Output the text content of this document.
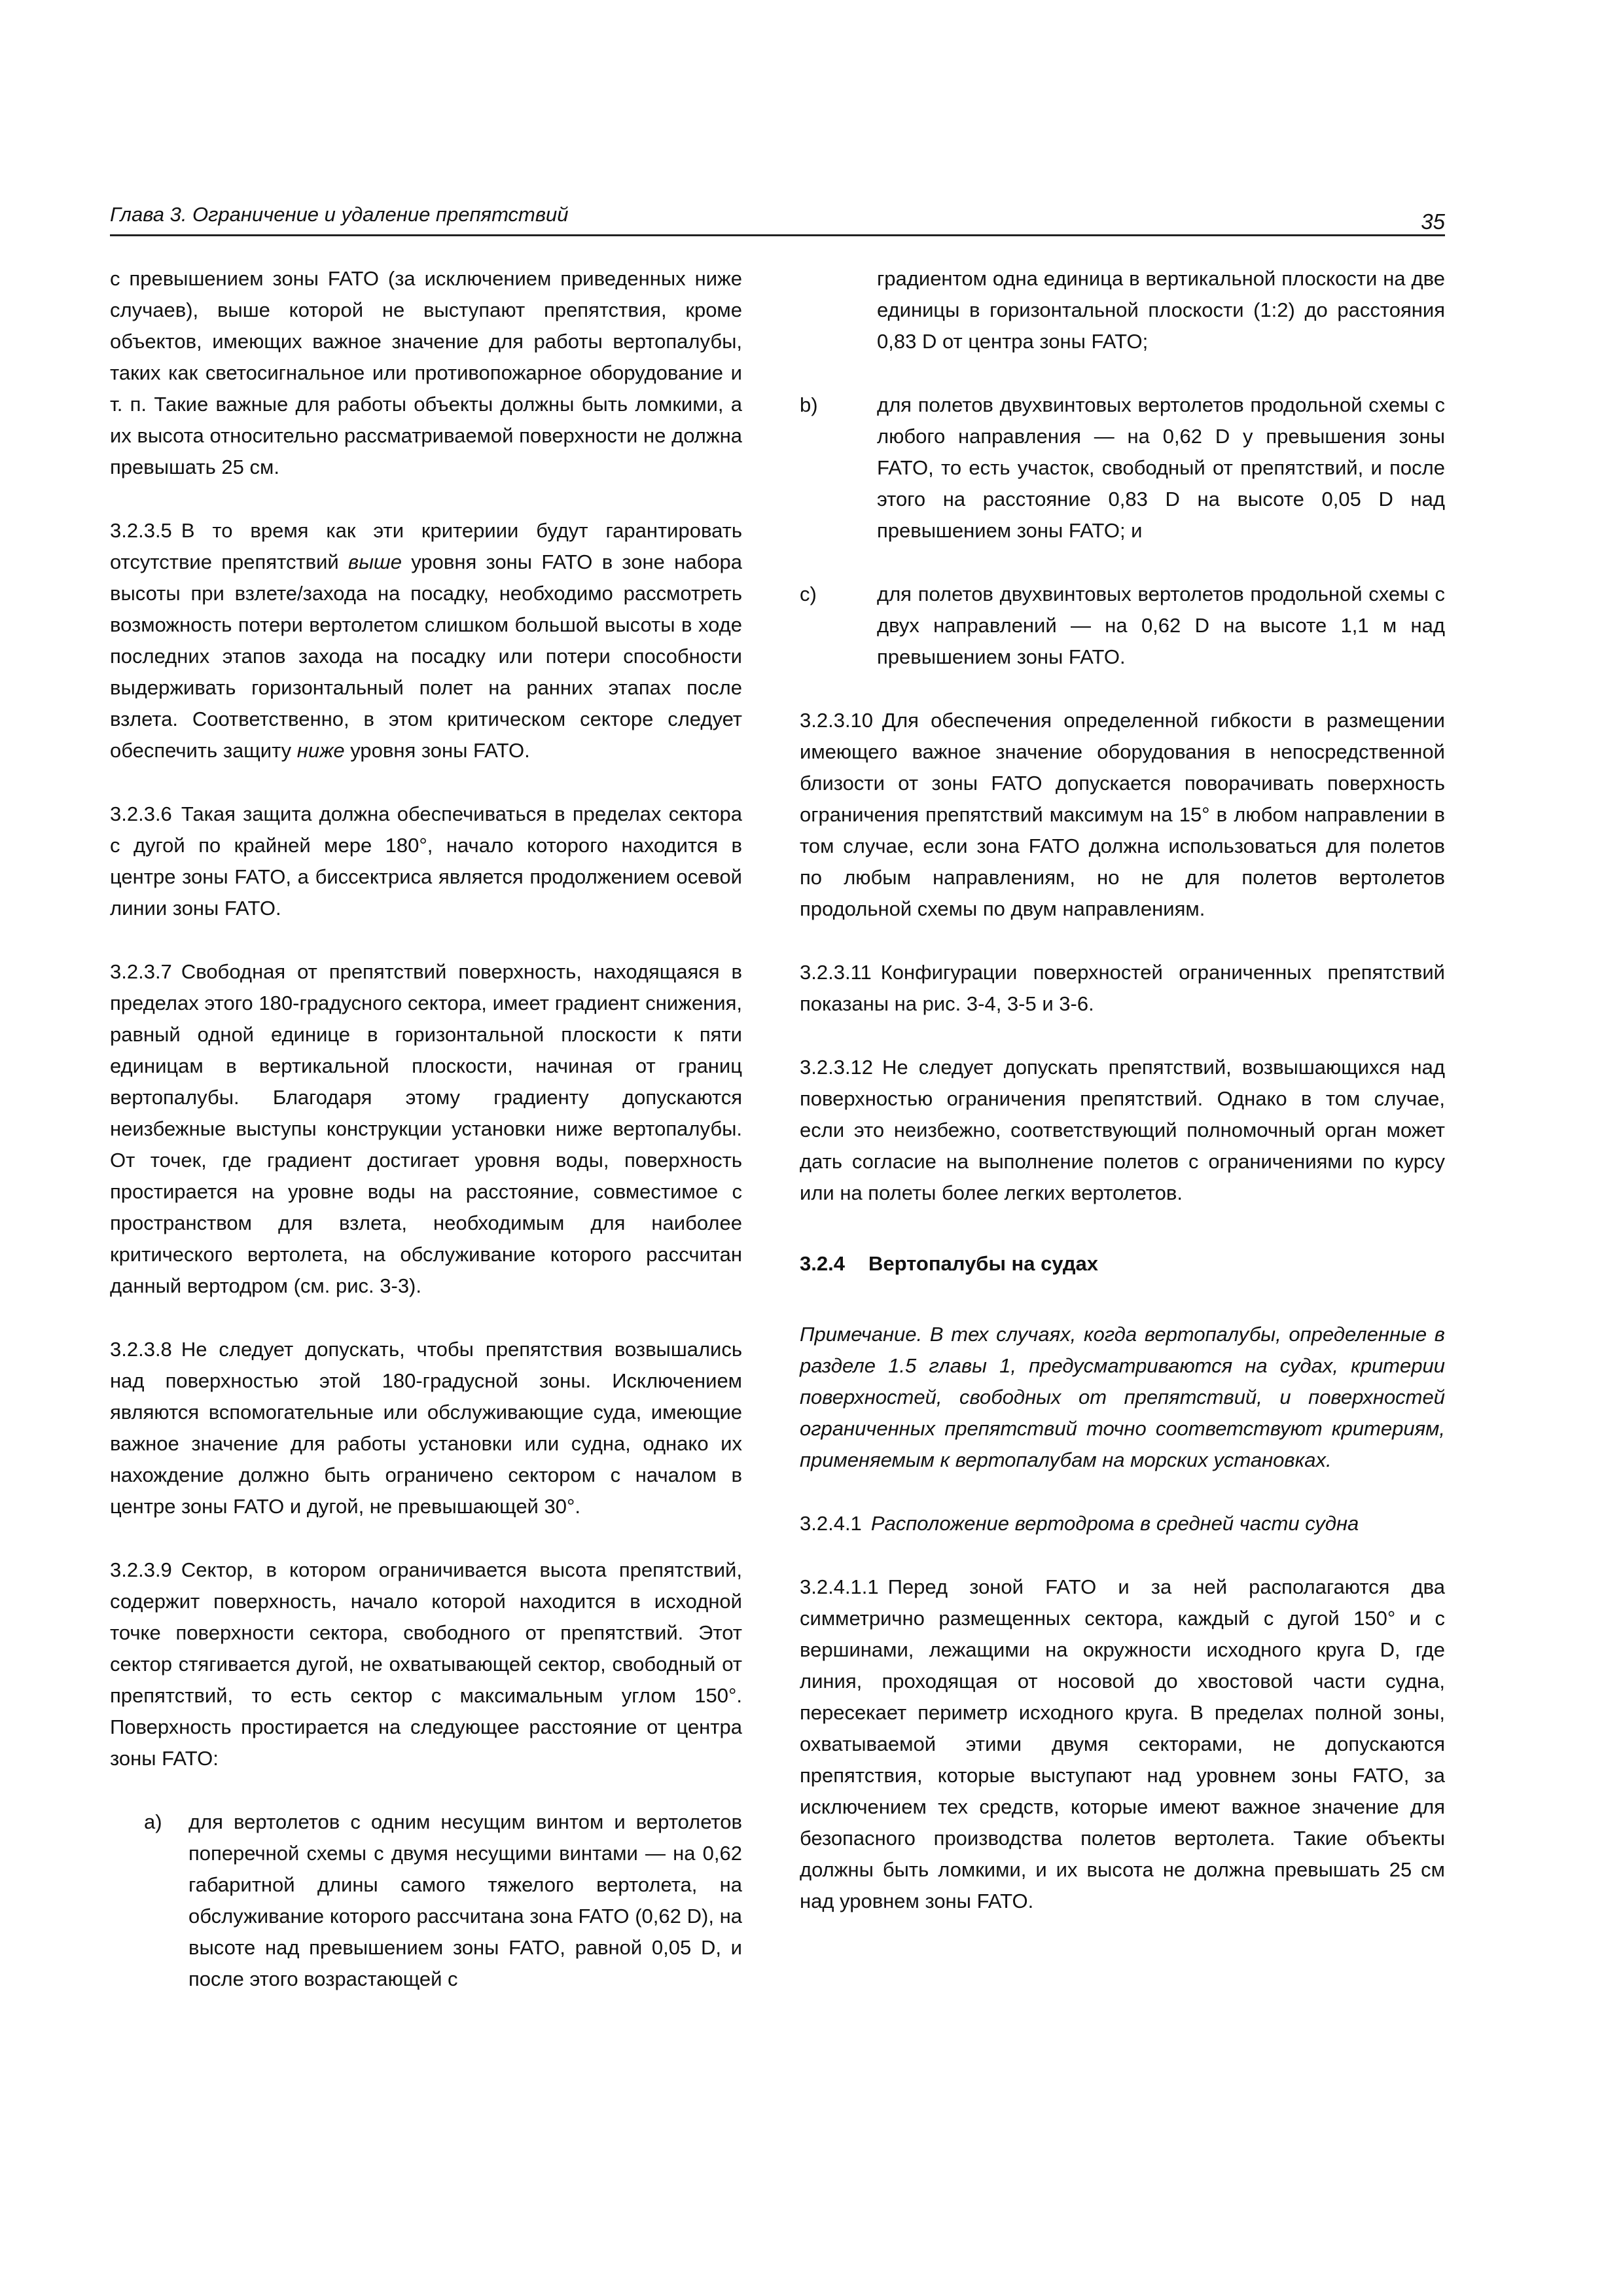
Глава 3. Ограничение и удаление препятствий	35

с превышением зоны FATO (за исключением приведенных ниже случаев), выше которой не выступают препятствия, кроме объектов, имеющих важное значение для работы вертопалубы, таких как светосигнальное или противопожарное оборудование и т. п. Такие важные для работы объекты должны быть ломкими, а их высота относительно рассматриваемой поверхности не должна превышать 25 см.

3.2.3.5 В то время как эти критериии будут гарантировать отсутствие препятствий выше уровня зоны FATO в зоне набора высоты при взлете/захода на посадку, необходимо рассмотреть возможность потери вертолетом слишком большой высоты в ходе последних этапов захода на посадку или потери способности выдерживать горизонтальный полет на ранних этапах после взлета. Соответственно, в этом критическом секторе следует обеспечить защиту ниже уровня зоны FATO.

3.2.3.6 Такая защита должна обеспечиваться в пределах сектора с дугой по крайней мере 180°, начало которого находится в центре зоны FATO, а биссектриса является продолжением осевой линии зоны FATO.

3.2.3.7 Свободная от препятствий поверхность, находящаяся в пределах этого 180-градусного сектора, имеет градиент снижения, равный одной единице в горизонтальной плоскости к пяти единицам в вертикальной плоскости, начиная от границ вертопалубы. Благодаря этому градиенту допускаются неизбежные выступы конструкции установки ниже вертопалубы. От точек, где градиент достигает уровня воды, поверхность простирается на уровне воды на расстояние, совместимое с пространством для взлета, необходимым для наиболее критического вертолета, на обслуживание которого рассчитан данный вертодром (см. рис. 3-3).

3.2.3.8 Не следует допускать, чтобы препятствия возвышались над поверхностью этой 180-градусной зоны. Исключением являются вспомогательные или обслуживающие суда, имеющие важное значение для работы установки или судна, однако их нахождение должно быть ограничено сектором с началом в центре зоны FATO и дугой, не превышающей 30°.

3.2.3.9 Сектор, в котором ограничивается высота препятствий, содержит поверхность, начало которой находится в исходной точке поверхности сектора, свободного от препятствий. Этот сектор стягивается дугой, не охватывающей сектор, свободный от препятствий, то есть сектор с максимальным углом 150°. Поверхность простирается на следующее расстояние от центра зоны FATO:

a)	для вертолетов с одним несущим винтом и вертолетов поперечной схемы с двумя несущими винтами — на 0,62 габаритной длины самого тяжелого вертолета, на обслуживание которого рассчитана зона FATO (0,62 D), на высоте над превышением зоны FATO, равной 0,05 D, и после этого возрастающей с

градиентом одна единица в вертикальной плоскости на две единицы в горизонтальной плоскости (1:2) до расстояния 0,83 D от центра зоны FATO;

b)	для полетов двухвинтовых вертолетов продольной схемы с любого направления — на 0,62 D у превышения зоны FATO, то есть участок, свободный от препятствий, и после этого на расстояние 0,83 D на высоте 0,05 D над превышением зоны FATO; и
c)	для полетов двухвинтовых вертолетов продольной схемы с двух направлений — на 0,62 D на высоте 1,1 м над превышением зоны FATO.

3.2.3.10 Для обеспечения определенной гибкости в размещении имеющего важное значение оборудования в непосредственной близости от зоны FATO допускается поворачивать поверхность ограничения препятствий максимум на 15° в любом направлении в том случае, если зона FATO должна использоваться для полетов по любым направлениям, но не для полетов вертолетов продольной схемы по двум направлениям.

3.2.3.11 Конфигурации поверхностей ограниченных препятствий показаны на рис. 3-4, 3-5 и 3-6.

3.2.3.12 Не следует допускать препятствий, возвышающихся над поверхностью ограничения препятствий. Однако в том случае, если это неизбежно, соответствующий полномочный орган может дать согласие на выполнение полетов с ограничениями по курсу или на полеты более легких вертолетов.

3.2.4 Вертопалубы на судах

Примечание. В тех случаях, когда вертопалубы, определенные в разделе 1.5 главы 1, предусматриваются на судах, критерии поверхностей, свободных от препятствий, и поверхностей ограниченных препятствий точно соответствуют критериям, применяемым к вертопалубам на морских установках.

3.2.4.1 Расположение вертодрома в средней части судна

3.2.4.1.1 Перед зоной FATO и за ней располагаются два симметрично размещенных сектора, каждый с дугой 150° и с вершинами, лежащими на окружности исходного круга D, где линия, проходящая от носовой до хвостовой части судна, пересекает периметр исходного круга. В пределах полной зоны, охватываемой этими двумя секторами, не допускаются препятствия, которые выступают над уровнем зоны FATO, за исключением тех средств, которые имеют важное значение для безопасного производства полетов вертолета. Такие объекты должны быть ломкими, и их высота не должна превышать 25 см над уровнем зоны FATO.
